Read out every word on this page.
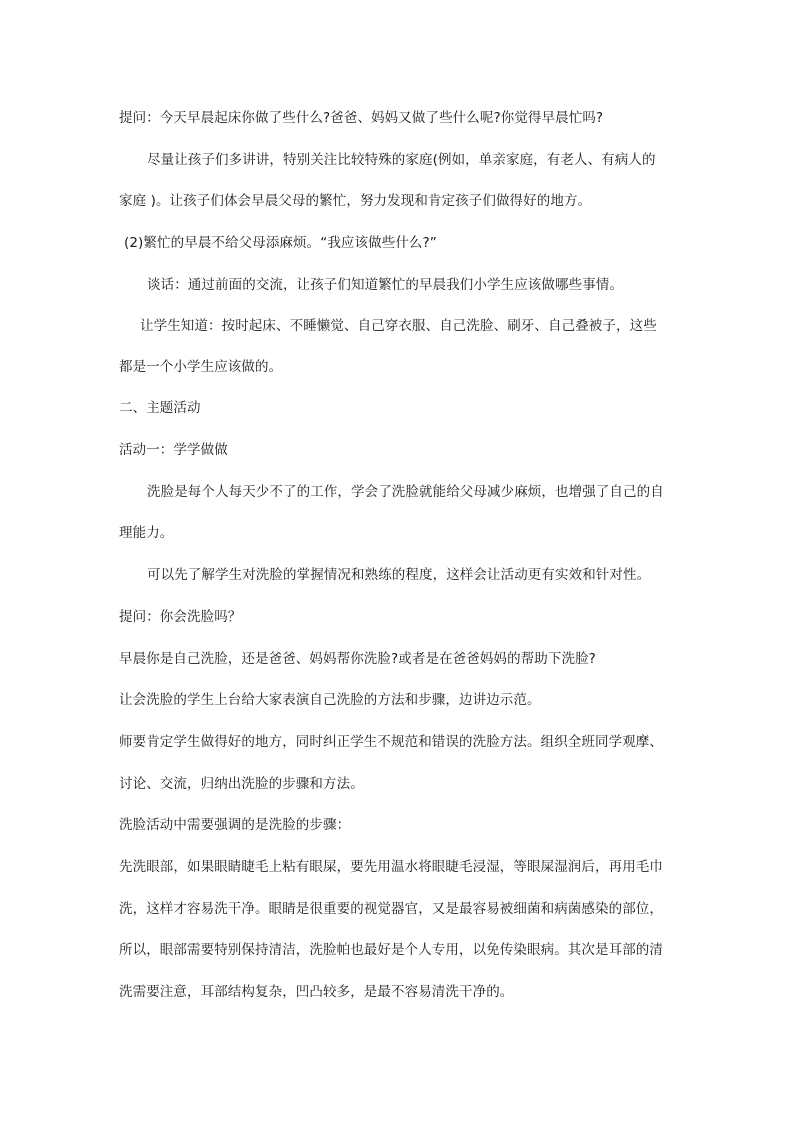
提问：今天早晨起床你做了些什么?爸爸、妈妈又做了些什么呢?你觉得早晨忙吗?
尽量让孩子们多讲讲，特别关注比较特殊的家庭(例如，单亲家庭，有老人、有病人的
家庭 )。让孩子们体会早晨父母的繁忙，努力发现和肯定孩子们做得好的地方。
(2)繁忙的早晨不给父母添麻烦。“我应该做些什么?”
谈话：通过前面的交流，让孩子们知道繁忙的早晨我们小学生应该做哪些事情。
让学生知道：按时起床、不睡懒觉、自己穿衣服、自己洗脸、刷牙、自己叠被子，这些
都是一个小学生应该做的。
二、主题活动
活动一：学学做做
洗脸是每个人每天少不了的工作，学会了洗脸就能给父母减少麻烦，也增强了自己的自
理能力。
可以先了解学生对洗脸的掌握情况和熟练的程度，这样会让活动更有实效和针对性。
提问：你会洗脸吗？
早晨你是自己洗脸，还是爸爸、妈妈帮你洗脸?或者是在爸爸妈妈的帮助下洗脸?
让会洗脸的学生上台给大家表演自己洗脸的方法和步骤，边讲边示范。
师要肯定学生做得好的地方，同时纠正学生不规范和错误的洗脸方法。组织全班同学观摩、
讨论、交流，归纳出洗脸的步骤和方法。
洗脸活动中需要强调的是洗脸的步骤：
先洗眼部，如果眼睛睫毛上粘有眼屎，要先用温水将眼睫毛浸湿，等眼屎湿润后，再用毛巾
洗，这样才容易洗干净。眼睛是很重要的视觉器官，又是最容易被细菌和病菌感染的部位，
所以，眼部需要特别保持清洁，洗脸帕也最好是个人专用，以免传染眼病。其次是耳部的清
洗需要注意，耳部结构复杂，凹凸较多，是最不容易清洗干净的。
